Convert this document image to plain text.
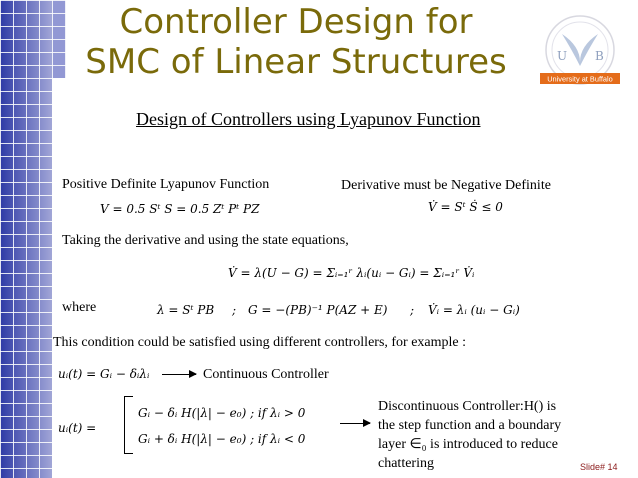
Controller Design for
SMC of Linear Structures	U B
University at Buffalo
Design of Controllers using Lyapunov Function
Positive Definite Lyapunov Function
V = 0.5 Sᵗ S = 0.5 Zᵗ Pᵗ PZ
Derivative must be Negative Definite
V̇ = Sᵗ Ṡ ≤ 0
Taking the derivative and using the state equations,
V̇ = λ(U − G) = Σᵢ₌₁ʳ λᵢ(uᵢ − Gᵢ) = Σᵢ₌₁ʳ V̇ᵢ
where	λ = Sᵗ PB ; G = −(PB)⁻¹ P(AZ + E) ; V̇ᵢ = λᵢ (uᵢ − Gᵢ)
This condition could be satisfied using different controllers, for example :
uᵢ(t) = Gᵢ − δᵢλᵢ	Continuous Controller
uᵢ(t) =
Gᵢ − δᵢ H(|λ| − e₀) ; if λᵢ > 0
Gᵢ + δᵢ H(|λ| − e₀) ; if λᵢ < 0
Discontinuous Controller:H() is
the step function and a boundary
layer ∈₀ is introduced to reduce
chattering	Slide# 14
